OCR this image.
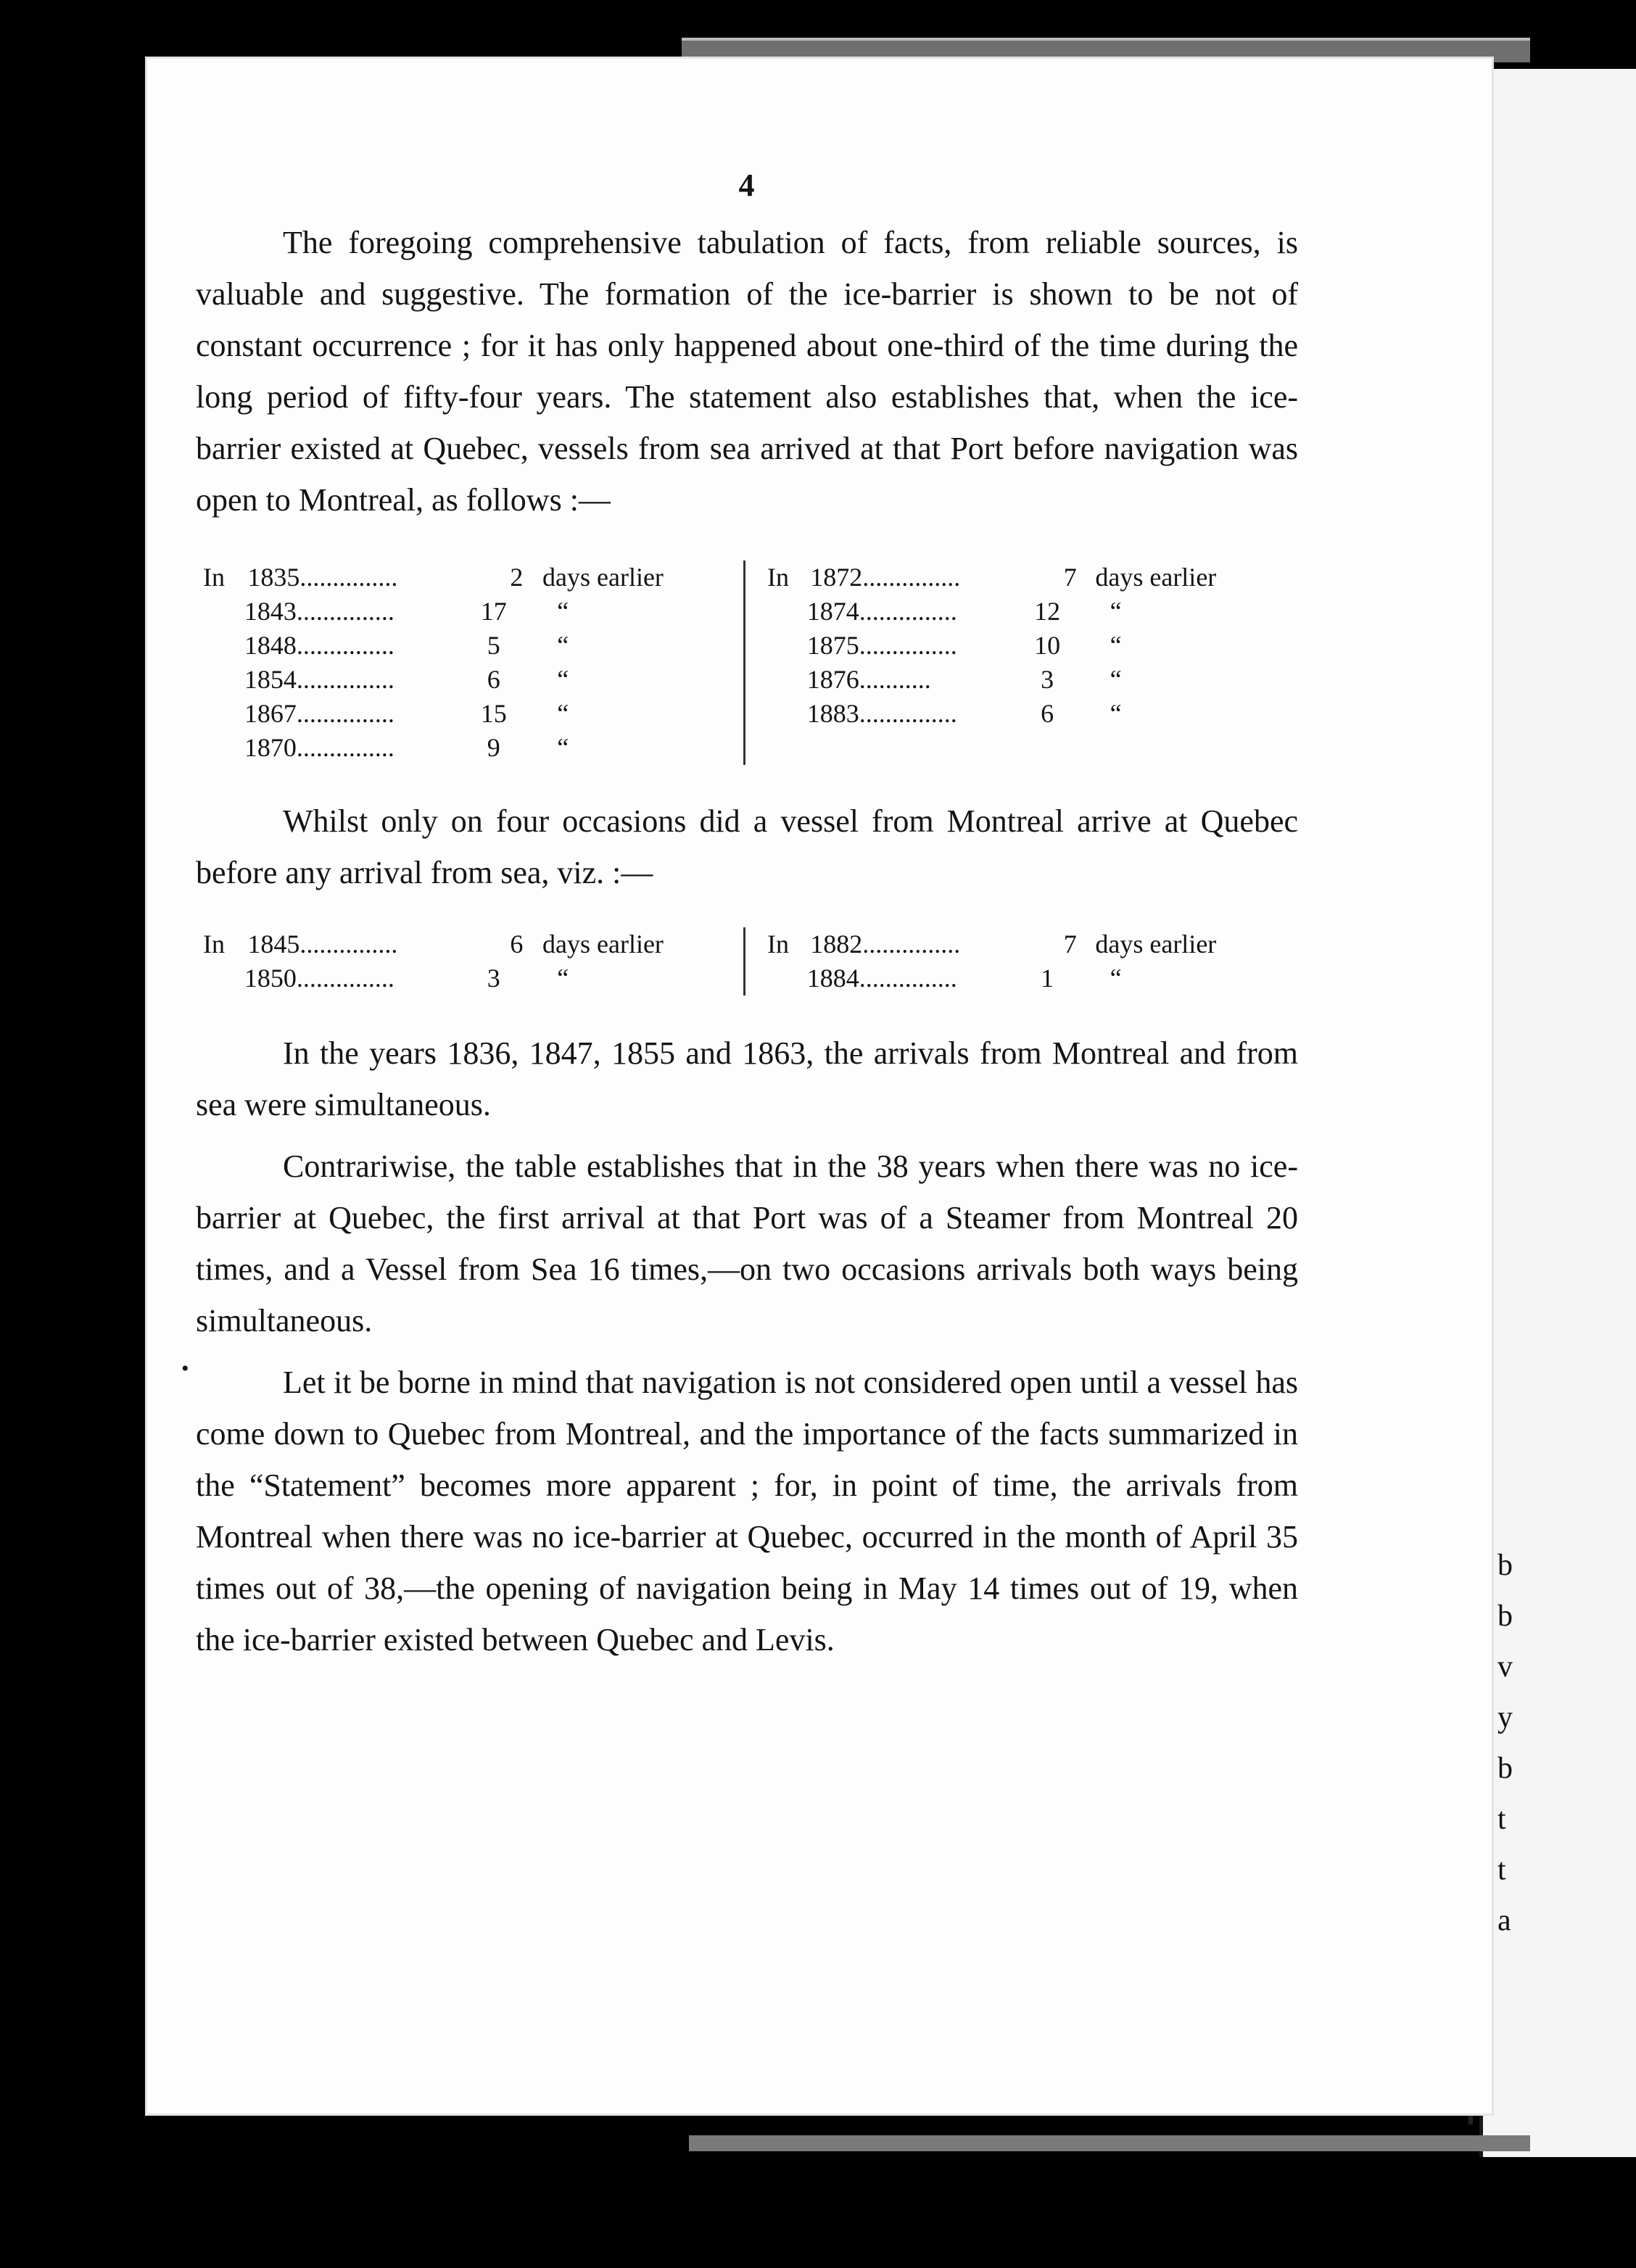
b
b
v
y
b
t
t
a
4

The foregoing comprehensive tabulation of facts, from reliable sources, is valuable and suggestive. The formation of the ice-barrier is shown to be not of constant occurrence ; for it has only happened about one-third of the time during the long period of fifty-four years. The statement also establishes that, when the ice-barrier existed at Quebec, vessels from sea arrived at that Port before navigation was open to Montreal, as follows :—

In 1835...............	2 days earlier
1843...............	17	“
1848...............	5	“
1854...............	6	“
1867...............	15	“
1870...............	9	“
In 1872...............	7 days earlier
1874...............	12	“
1875...............	10	“
1876...........	3	“
1883...............	6	“

Whilst only on four occasions did a vessel from Montreal arrive at Quebec before any arrival from sea, viz. :—

In 1845...............	6 days earlier
1850...............	3	“
In 1882...............	7 days earlier
1884...............	1	“

In the years 1836, 1847, 1855 and 1863, the arrivals from Montreal and from sea were simultaneous.

Contrariwise, the table establishes that in the 38 years when there was no ice-barrier at Quebec, the first arrival at that Port was of a Steamer from Montreal 20 times, and a Vessel from Sea 16 times,—on two occasions arrivals both ways being simultaneous.

•	Let it be borne in mind that navigation is not considered open until a vessel has come down to Quebec from Montreal, and the importance of the facts summarized in the “Statement” becomes more apparent ; for, in point of time, the arrivals from Montreal when there was no ice-barrier at Quebec, occurred in the month of April 35 times out of 38,—the opening of navigation being in May 14 times out of 19, when the ice-barrier existed between Quebec and Levis.
